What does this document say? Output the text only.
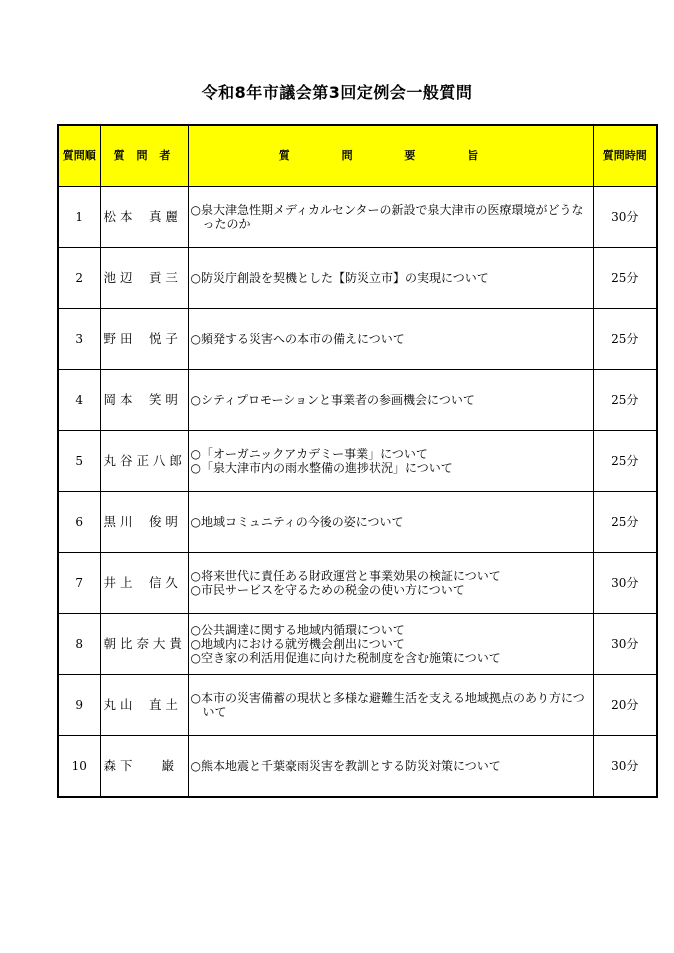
令和8年市議会第3回定例会一般質問
質問順	質 問 者	質 問 要 旨	質問時間
1	松 本　 真 麗	○泉大津急性期メディカルセンターの新設で泉大津市の医療環境がどうなったのか	30分
2	池 辺　 貢 三	○防災庁創設を契機とした【防災立市】の実現について	25分
3	野 田　 悦 子	○頻発する災害への本市の備えについて	25分
4	岡 本　 笑 明	○シティプロモーションと事業者の参画機会について	25分
5	丸 谷 正 八 郎	○「オーガニックアカデミー事業」について
○「泉大津市内の雨水整備の進捗状況」について	25分
6	黒 川　 俊 明	○地域コミュニティの今後の姿について	25分
7	井 上　 信 久	○将来世代に責任ある財政運営と事業効果の検証について
○市民サービスを守るための税金の使い方について	30分
8	朝 比 奈 大 貴	○公共調達に関する地域内循環について
○地域内における就労機会創出について
○空き家の利活用促進に向けた税制度を含む施策について	30分
9	丸 山　 直 土	○本市の災害備蓄の現状と多様な避難生活を支える地域拠点のあり方について	20分
10	森 下　　 巌	○熊本地震と千葉豪雨災害を教訓とする防災対策について	30分
